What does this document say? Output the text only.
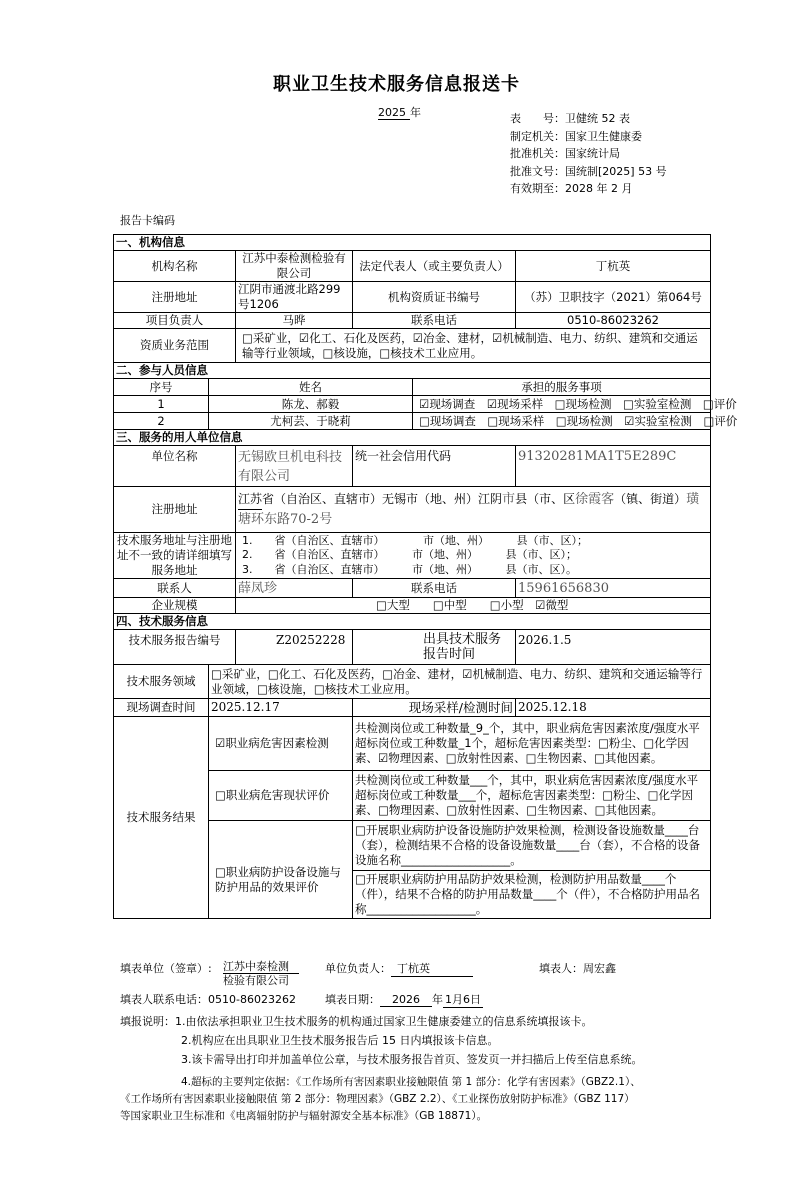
职业卫生技术服务信息报送卡
2025 年	表　　号：卫健统 52 表
制定机关：国家卫生健康委
批准机关：国家统计局
批准文号：国统制[2025] 53 号
有效期至：2028 年 2 月
报告卡编码
一、机构信息					
机构名称		江苏中泰检测检验有限公司	法定代表人（或主要负责人）		丁杭英
注册地址		江阴市通渡北路299号1206	机构资质证书编号		（苏）卫职技字（2021）第064号
项目负责人		马晔	联系电话		0510-86023262
资质业务范围		□采矿业，☑化工、石化及医药，☑冶金、建材，☑机械制造、电力、纺织、建筑和交通运输等行业领域，□核设施，□核技术工业应用。			
二、参与人员信息					
序号	姓名			承担的服务事项	
1	陈龙、郝毅			☑现场调查　 ☑现场采样　 □现场检测　 □实验室检测　 □评价	
2	尤柯芸、于晓莉			□现场调查　 □现场采样　 □现场检测　 ☑实验室检测　 □评价	
三、服务的用人单位信息					
单位名称		无锡欧旦机电科技有限公司	统一社会信用代码		91320281MA1T5E289C
注册地址		江苏省（自治区、直辖市）无锡市（地、州）江阴市县（市、区徐霞客（镇、街道）璜塘环东路70-2号			
技术服务地址与注册地址不一致的请详细填写服务地址		1.　　省（自治区、直辖市）　　　　市（地、州）　　　县（市、区）；
2.　　省（自治区、直辖市）　　　市（地、州）　　　县（市、区）；
3.　　省（自治区、直辖市）　　　市（地、州）　　　县（市、区）。			

联系人		薛凤珍	联系电话		15961656830
企业规模		□大型　　 □中型　　 □小型　 ☑微型			
四、技术服务信息					
技术服务报告编号		Z20252228	出具技术服务报告时间		2026.1.5
技术服务领域	□采矿业，□化工、石化及医药，□冶金、建材，☑机械制造、电力、纺织、建筑和交通运输等行业领域，□核设施，□核技术工业应用。				
现场调查时间	2025.12.17		现场采样/检测时间		2025.12.18
技术服务结果	☑职业病危害因素检测		共检测岗位或工种数量_9_个，其中，职业病危害因素浓度/强度水平超标岗位或工种数量_1个，超标危害因素类型：□粉尘、□化学因素、☑物理因素、□放射性因素、□生物因素、□其他因素。		
	□职业病危害现状评价		共检测岗位或工种数量___个，其中，职业病危害因素浓度/强度水平超标岗位或工种数量___个，超标危害因素类型：□粉尘、□化学因素、□物理因素、□放射性因素、□生物因素、□其他因素。		
	□职业病防护设备设施与防护用品的效果评价		□开展职业病防护设备设施防护效果检测，检测设备设施数量____台（套），检测结果不合格的设备设施数量____台（套），不合格的设备设施名称___________________。		
			□开展职业病防护用品防护效果检测，检测防护用品数量____个（件），结果不合格的防护用品数量____个（件），不合格防护用品名称___________________。		
填表单位（签章）: 江苏中泰检测检验有限公司
单位负责人： 丁杭英	填表人：周宏鑫
填表人联系电话：0510-86023262	填表日期： 2026 年 1月6日
填报说明：1.由依法承担职业卫生技术服务的机构通过国家卫生健康委建立的信息系统填报该卡。
2.机构应在出具职业卫生技术服务报告后 15 日内填报该卡信息。
3.该卡需导出打印并加盖单位公章，与技术服务报告首页、签发页一并扫描后上传至信息系统。
4.超标的主要判定依据：《工作场所有害因素职业接触限值 第 1 部分：化学有害因素》（GBZ2.1）、
《工作场所有害因素职业接触限值 第 2 部分：物理因素》（GBZ 2.2）、《工业探伤放射防护标准》（GBZ 117）
等国家职业卫生标准和《电离辐射防护与辐射源安全基本标准》（GB 18871）。
